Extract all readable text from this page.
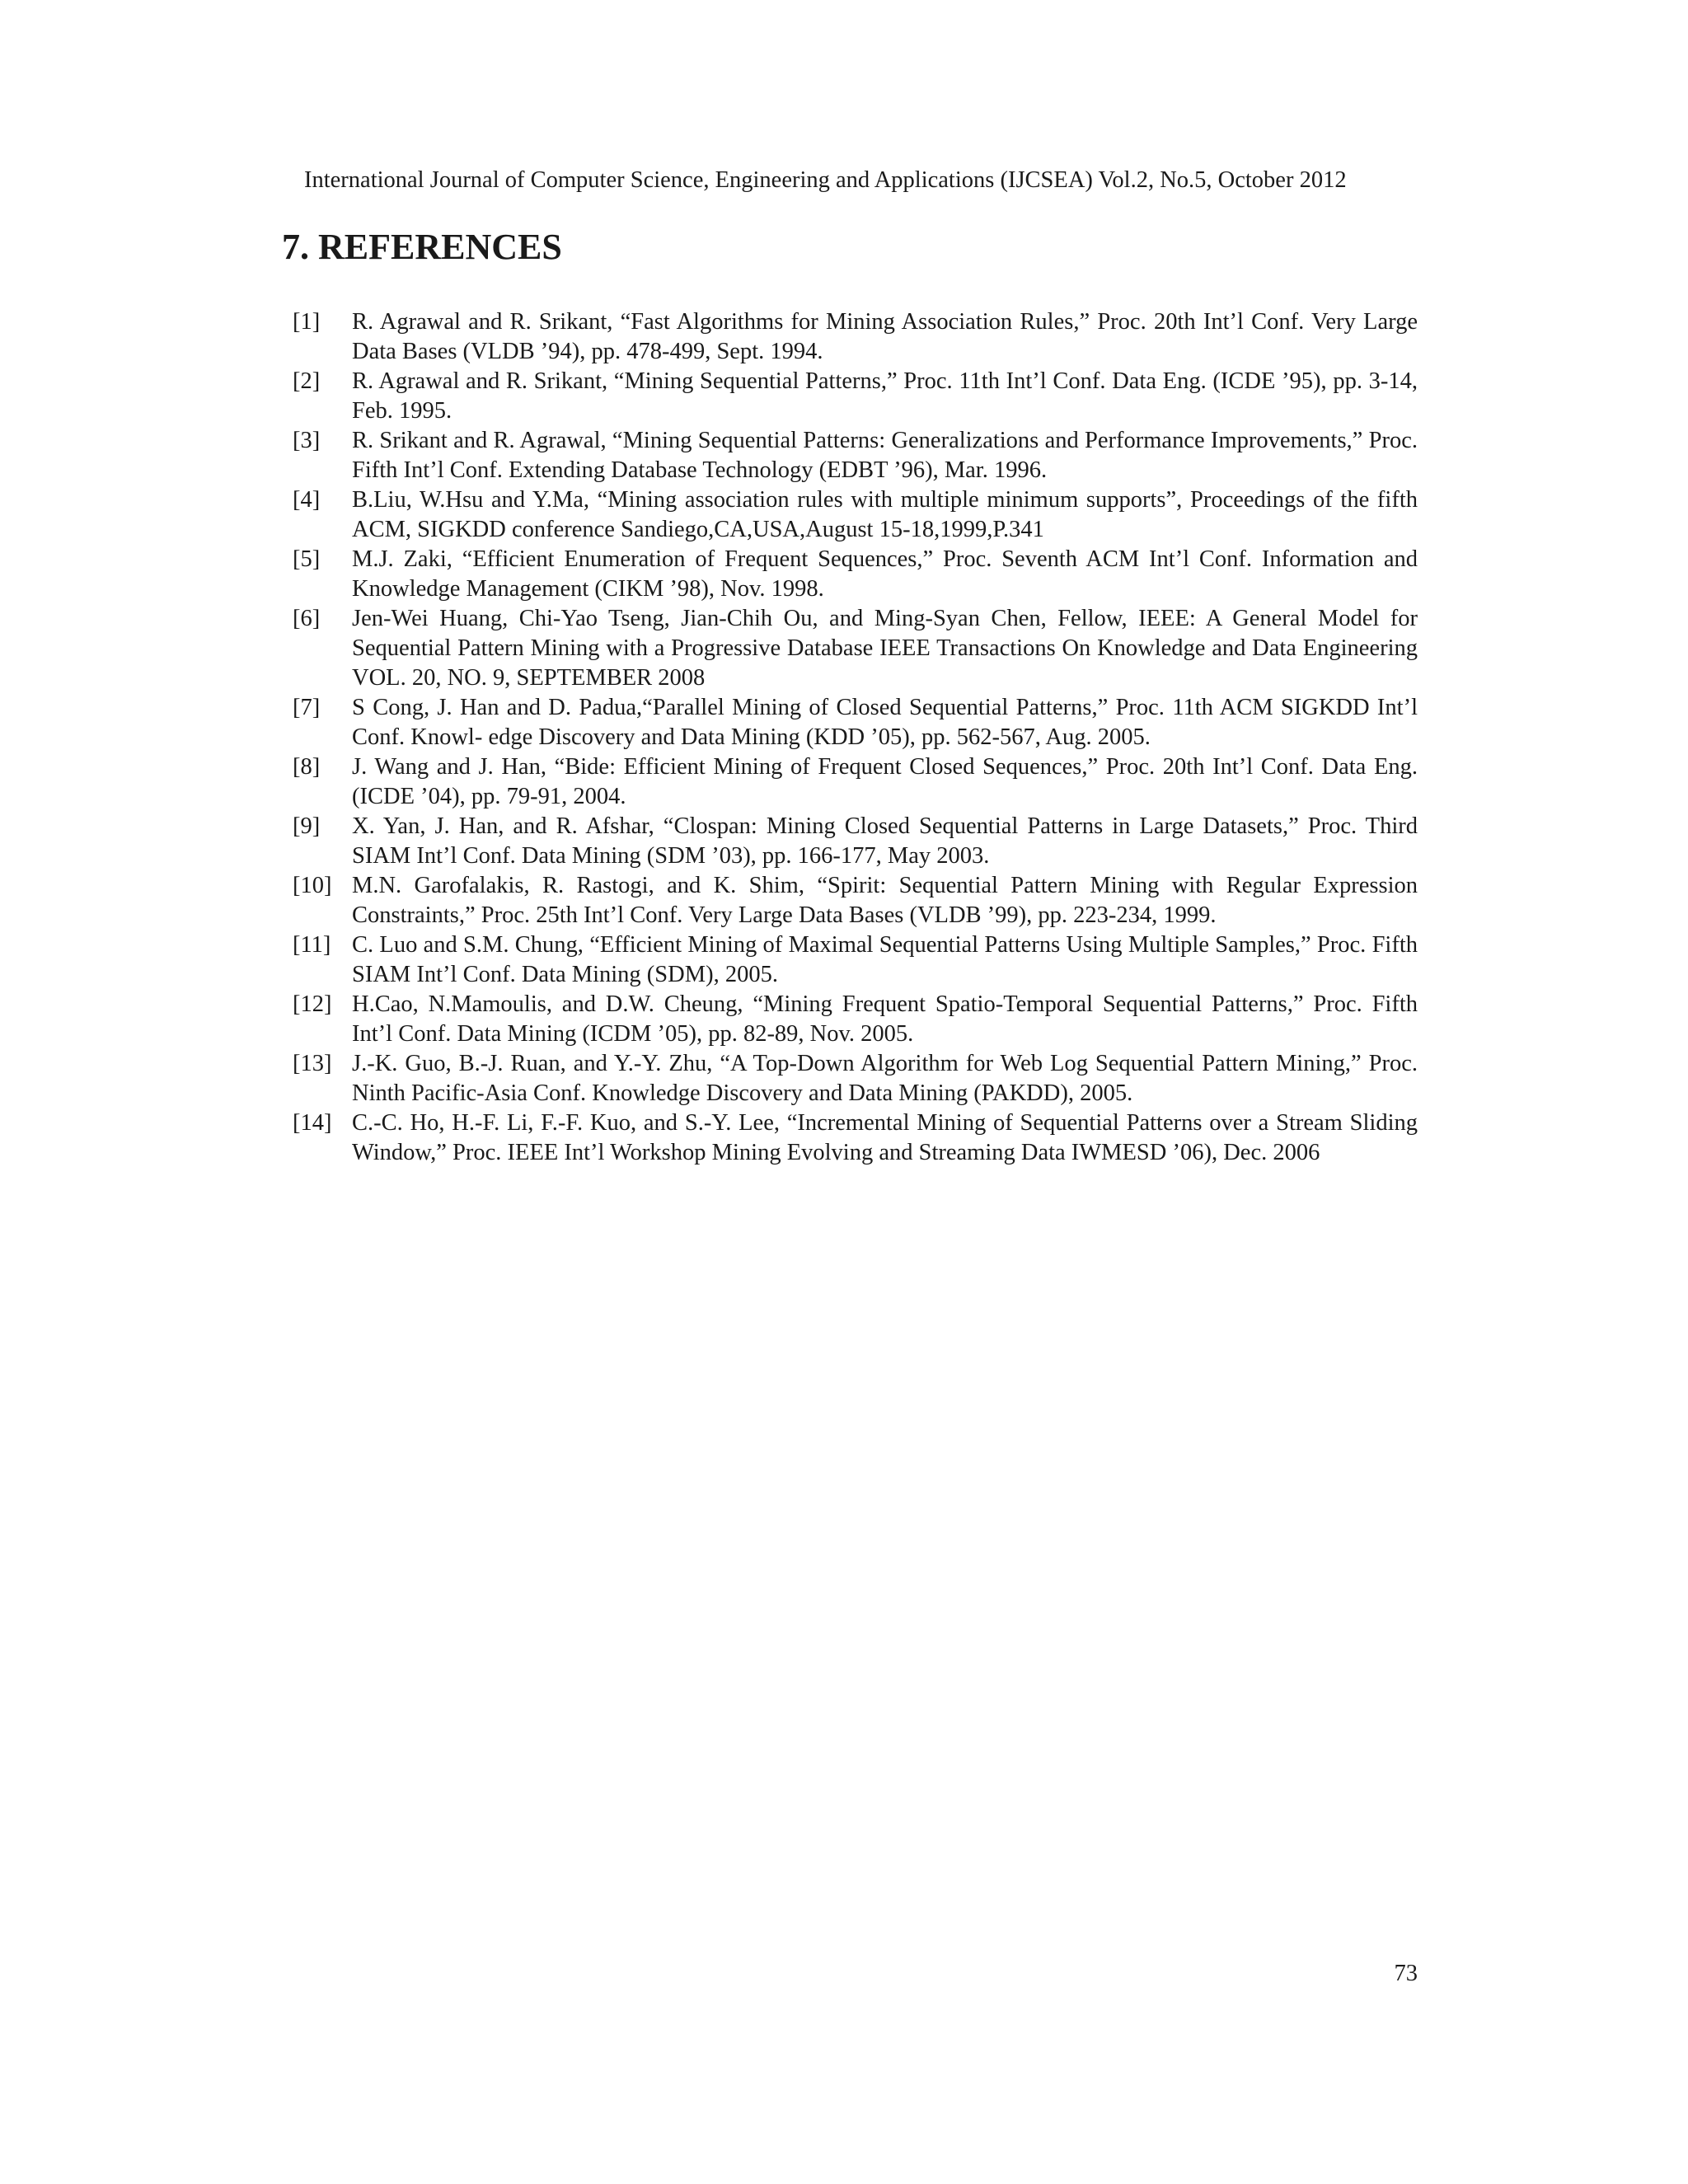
International Journal of Computer Science, Engineering and Applications (IJCSEA) Vol.2, No.5, October 2012
7. REFERENCES
[1] R. Agrawal and R. Srikant, “Fast Algorithms for Mining Association Rules,” Proc. 20th Int’l Conf. Very Large Data Bases (VLDB ’94), pp. 478-499, Sept. 1994.
[2] R. Agrawal and R. Srikant, “Mining Sequential Patterns,” Proc. 11th Int’l Conf. Data Eng. (ICDE ’95), pp. 3-14, Feb. 1995.
[3] R. Srikant and R. Agrawal, “Mining Sequential Patterns: Generalizations and Performance Improvements,” Proc. Fifth Int’l Conf. Extending Database Technology (EDBT ’96), Mar. 1996.
[4] B.Liu, W.Hsu and Y.Ma, “Mining association rules with multiple minimum supports”, Proceedings of the fifth ACM, SIGKDD conference Sandiego,CA,USA,August 15-18,1999,P.341
[5] M.J. Zaki, “Efficient Enumeration of Frequent Sequences,” Proc. Seventh ACM Int’l Conf. Information and Knowledge Management (CIKM ’98), Nov. 1998.
[6] Jen-Wei Huang, Chi-Yao Tseng, Jian-Chih Ou, and Ming-Syan Chen, Fellow, IEEE: A General Model for Sequential Pattern Mining with a Progressive Database IEEE Transactions On Knowledge and Data Engineering VOL. 20, NO. 9, SEPTEMBER 2008
[7] S Cong, J. Han and D. Padua,“Parallel Mining of Closed Sequential Patterns,” Proc. 11th ACM SIGKDD Int’l Conf. Knowl- edge Discovery and Data Mining (KDD ’05), pp. 562-567, Aug. 2005.
[8] J. Wang and J. Han, “Bide: Efficient Mining of Frequent Closed Sequences,” Proc. 20th Int’l Conf. Data Eng. (ICDE ’04), pp. 79-91, 2004.
[9] X. Yan, J. Han, and R. Afshar, “Clospan: Mining Closed Sequential Patterns in Large Datasets,” Proc. Third SIAM Int’l Conf. Data Mining (SDM ’03), pp. 166-177, May 2003.
[10] M.N. Garofalakis, R. Rastogi, and K. Shim, “Spirit: Sequential Pattern Mining with Regular Expression Constraints,” Proc. 25th Int’l Conf. Very Large Data Bases (VLDB ’99), pp. 223-234, 1999.
[11] C. Luo and S.M. Chung, “Efficient Mining of Maximal Sequential Patterns Using Multiple Samples,” Proc. Fifth SIAM Int’l Conf. Data Mining (SDM), 2005.
[12] H.Cao, N.Mamoulis, and D.W. Cheung, “Mining Frequent Spatio-Temporal Sequential Patterns,” Proc. Fifth Int’l Conf. Data Mining (ICDM ’05), pp. 82-89, Nov. 2005.
[13] J.-K. Guo, B.-J. Ruan, and Y.-Y. Zhu, “A Top-Down Algorithm for Web Log Sequential Pattern Mining,” Proc. Ninth Pacific-Asia Conf. Knowledge Discovery and Data Mining (PAKDD), 2005.
[14] C.-C. Ho, H.-F. Li, F.-F. Kuo, and S.-Y. Lee, “Incremental Mining of Sequential Patterns over a Stream Sliding Window,” Proc. IEEE Int’l Workshop Mining Evolving and Streaming Data IWMESD ’06), Dec. 2006
73
